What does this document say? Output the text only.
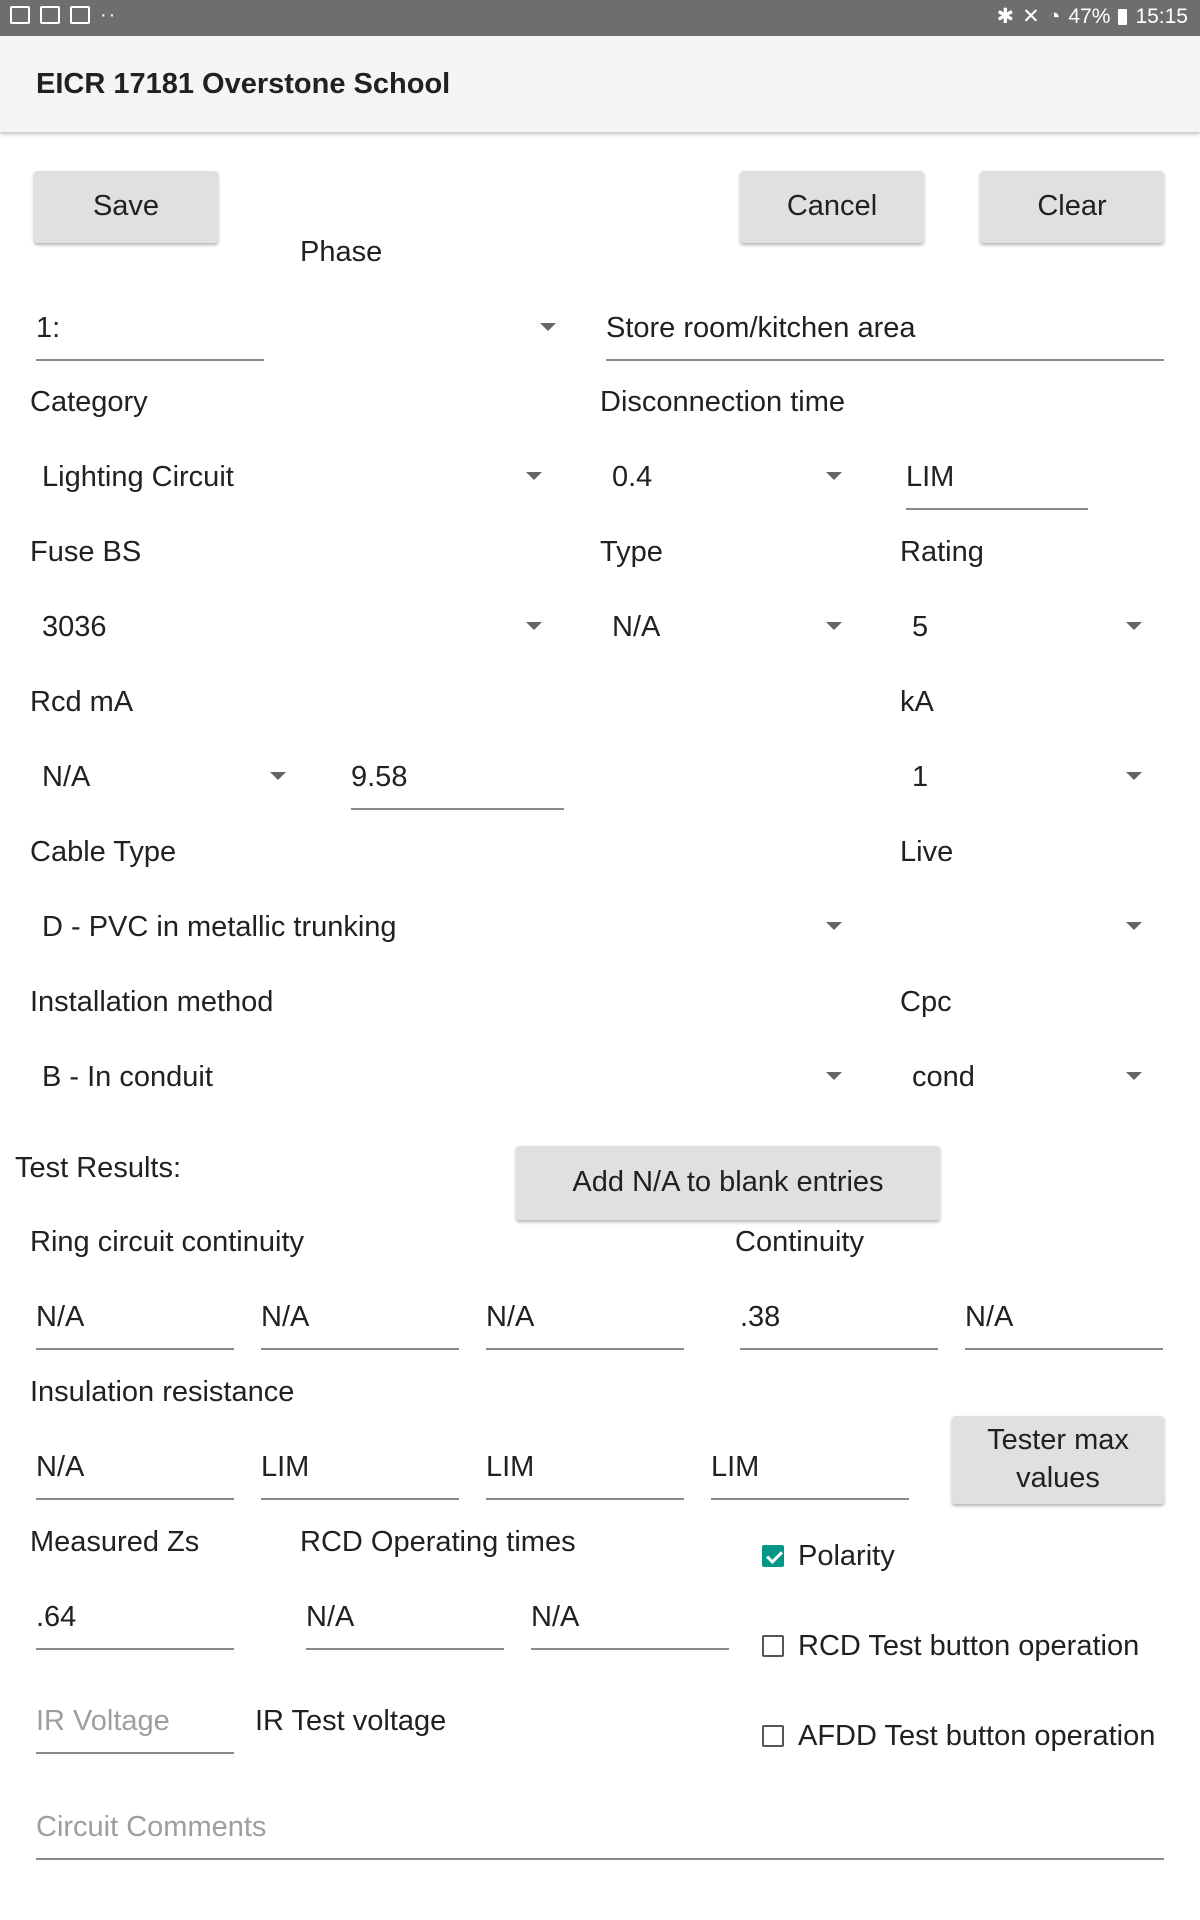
··	✱ ✕ ◔ 47% 15:15
EICR 17181 Overstone School
Save	Cancel	Clear
Phase
1:	Store room/kitchen area
Category	Disconnection time
Lighting Circuit	0.4	LIM
Fuse BS	Type	Rating
3036	N/A	5
Rcd mA	kA
N/A	9.58	1
Cable Type	Live
D - PVC in metallic trunking
Installation method	Cpc
B - In conduit	cond
Test Results:	Add N/A to blank entries
Ring circuit continuity	Continuity
N/A	N/A	N/A	.38	N/A
Insulation resistance
N/A	LIM	LIM	LIM
Tester max values
Measured Zs	RCD Operating times
.64	N/A	N/A
Polarity
RCD Test button operation
AFDD Test button operation
IR Voltage	IR Test voltage
Circuit Comments
